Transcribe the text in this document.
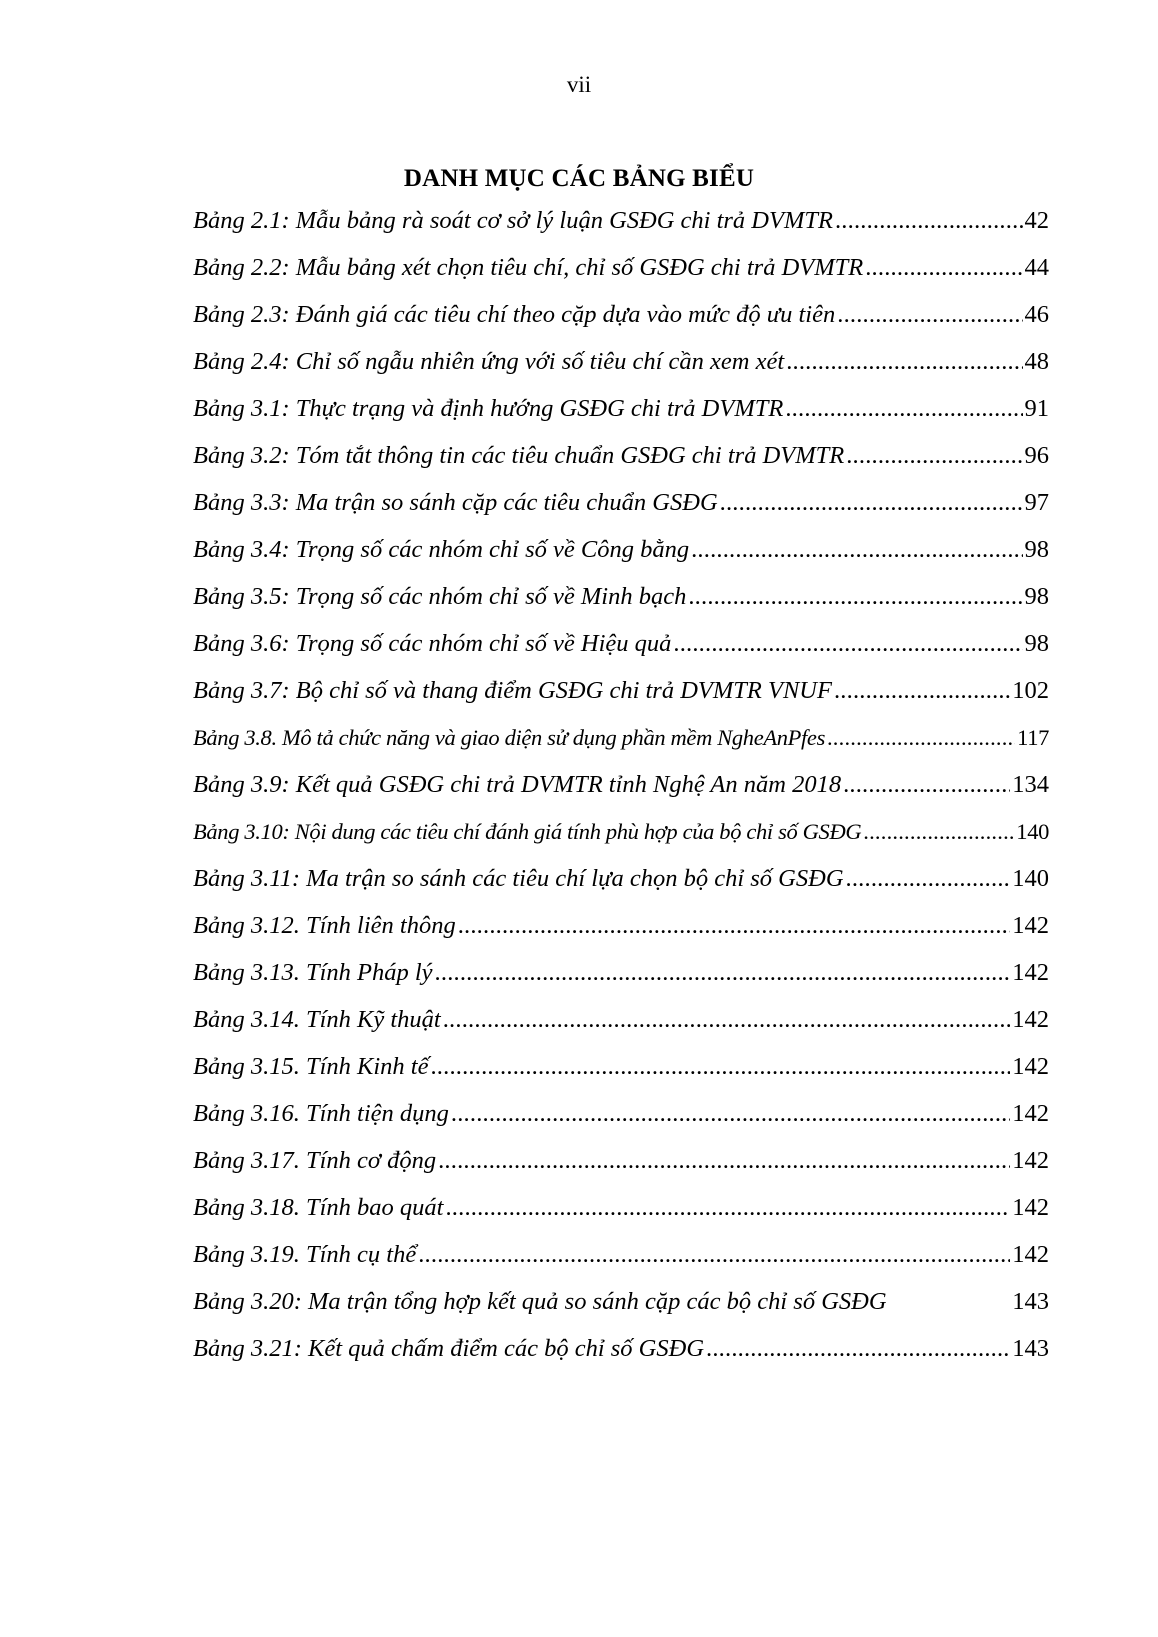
vii
DANH MỤC CÁC BẢNG BIỂU
Bảng 2.1: Mẫu bảng rà soát cơ sở lý luận GSĐG chi trả DVMTR .....	42
Bảng 2.2: Mẫu bảng xét chọn tiêu chí, chỉ số GSĐG chi trả DVMTR .....	44
Bảng 2.3: Đánh giá các tiêu chí theo cặp dựa vào mức độ ưu tiên .....	46
Bảng 2.4: Chỉ số ngẫu nhiên ứng với số tiêu chí cần xem xét .....	48
Bảng 3.1: Thực trạng và định hướng GSĐG chi trả DVMTR .....	91
Bảng 3.2: Tóm tắt thông tin các tiêu chuẩn GSĐG chi trả DVMTR .....	96
Bảng 3.3: Ma trận so sánh cặp các tiêu chuẩn GSĐG .....	97
Bảng 3.4: Trọng số các nhóm chỉ số về Công bằng .....	98
Bảng 3.5: Trọng số các nhóm chỉ số về Minh bạch .....	98
Bảng 3.6: Trọng số các nhóm chỉ số về Hiệu quả .....	98
Bảng 3.7: Bộ chỉ số và thang điểm GSĐG chi trả DVMTR VNUF .....	102
Bảng 3.8. Mô tả chức năng và giao diện sử dụng phần mềm NgheAnPfes .....	117
Bảng 3.9: Kết quả GSĐG chi trả DVMTR tỉnh Nghệ An năm 2018 .....	134
Bảng 3.10: Nội dung các tiêu chí đánh giá tính phù hợp của bộ chỉ số GSĐG .....	140
Bảng 3.11: Ma trận so sánh các tiêu chí lựa chọn bộ chỉ số GSĐG .....	140
Bảng 3.12. Tính liên thông .....	142
Bảng 3.13. Tính Pháp lý .....	142
Bảng 3.14. Tính Kỹ thuật .....	142
Bảng 3.15. Tính Kinh tế .....	142
Bảng 3.16. Tính tiện dụng .....	142
Bảng 3.17. Tính cơ động .....	142
Bảng 3.18. Tính bao quát .....	142
Bảng 3.19. Tính cụ thể .....	142
Bảng 3.20: Ma trận tổng hợp kết quả so sánh cặp các bộ chỉ số GSĐG	143
Bảng 3.21: Kết quả chấm điểm các bộ chỉ số GSĐG .....	143
